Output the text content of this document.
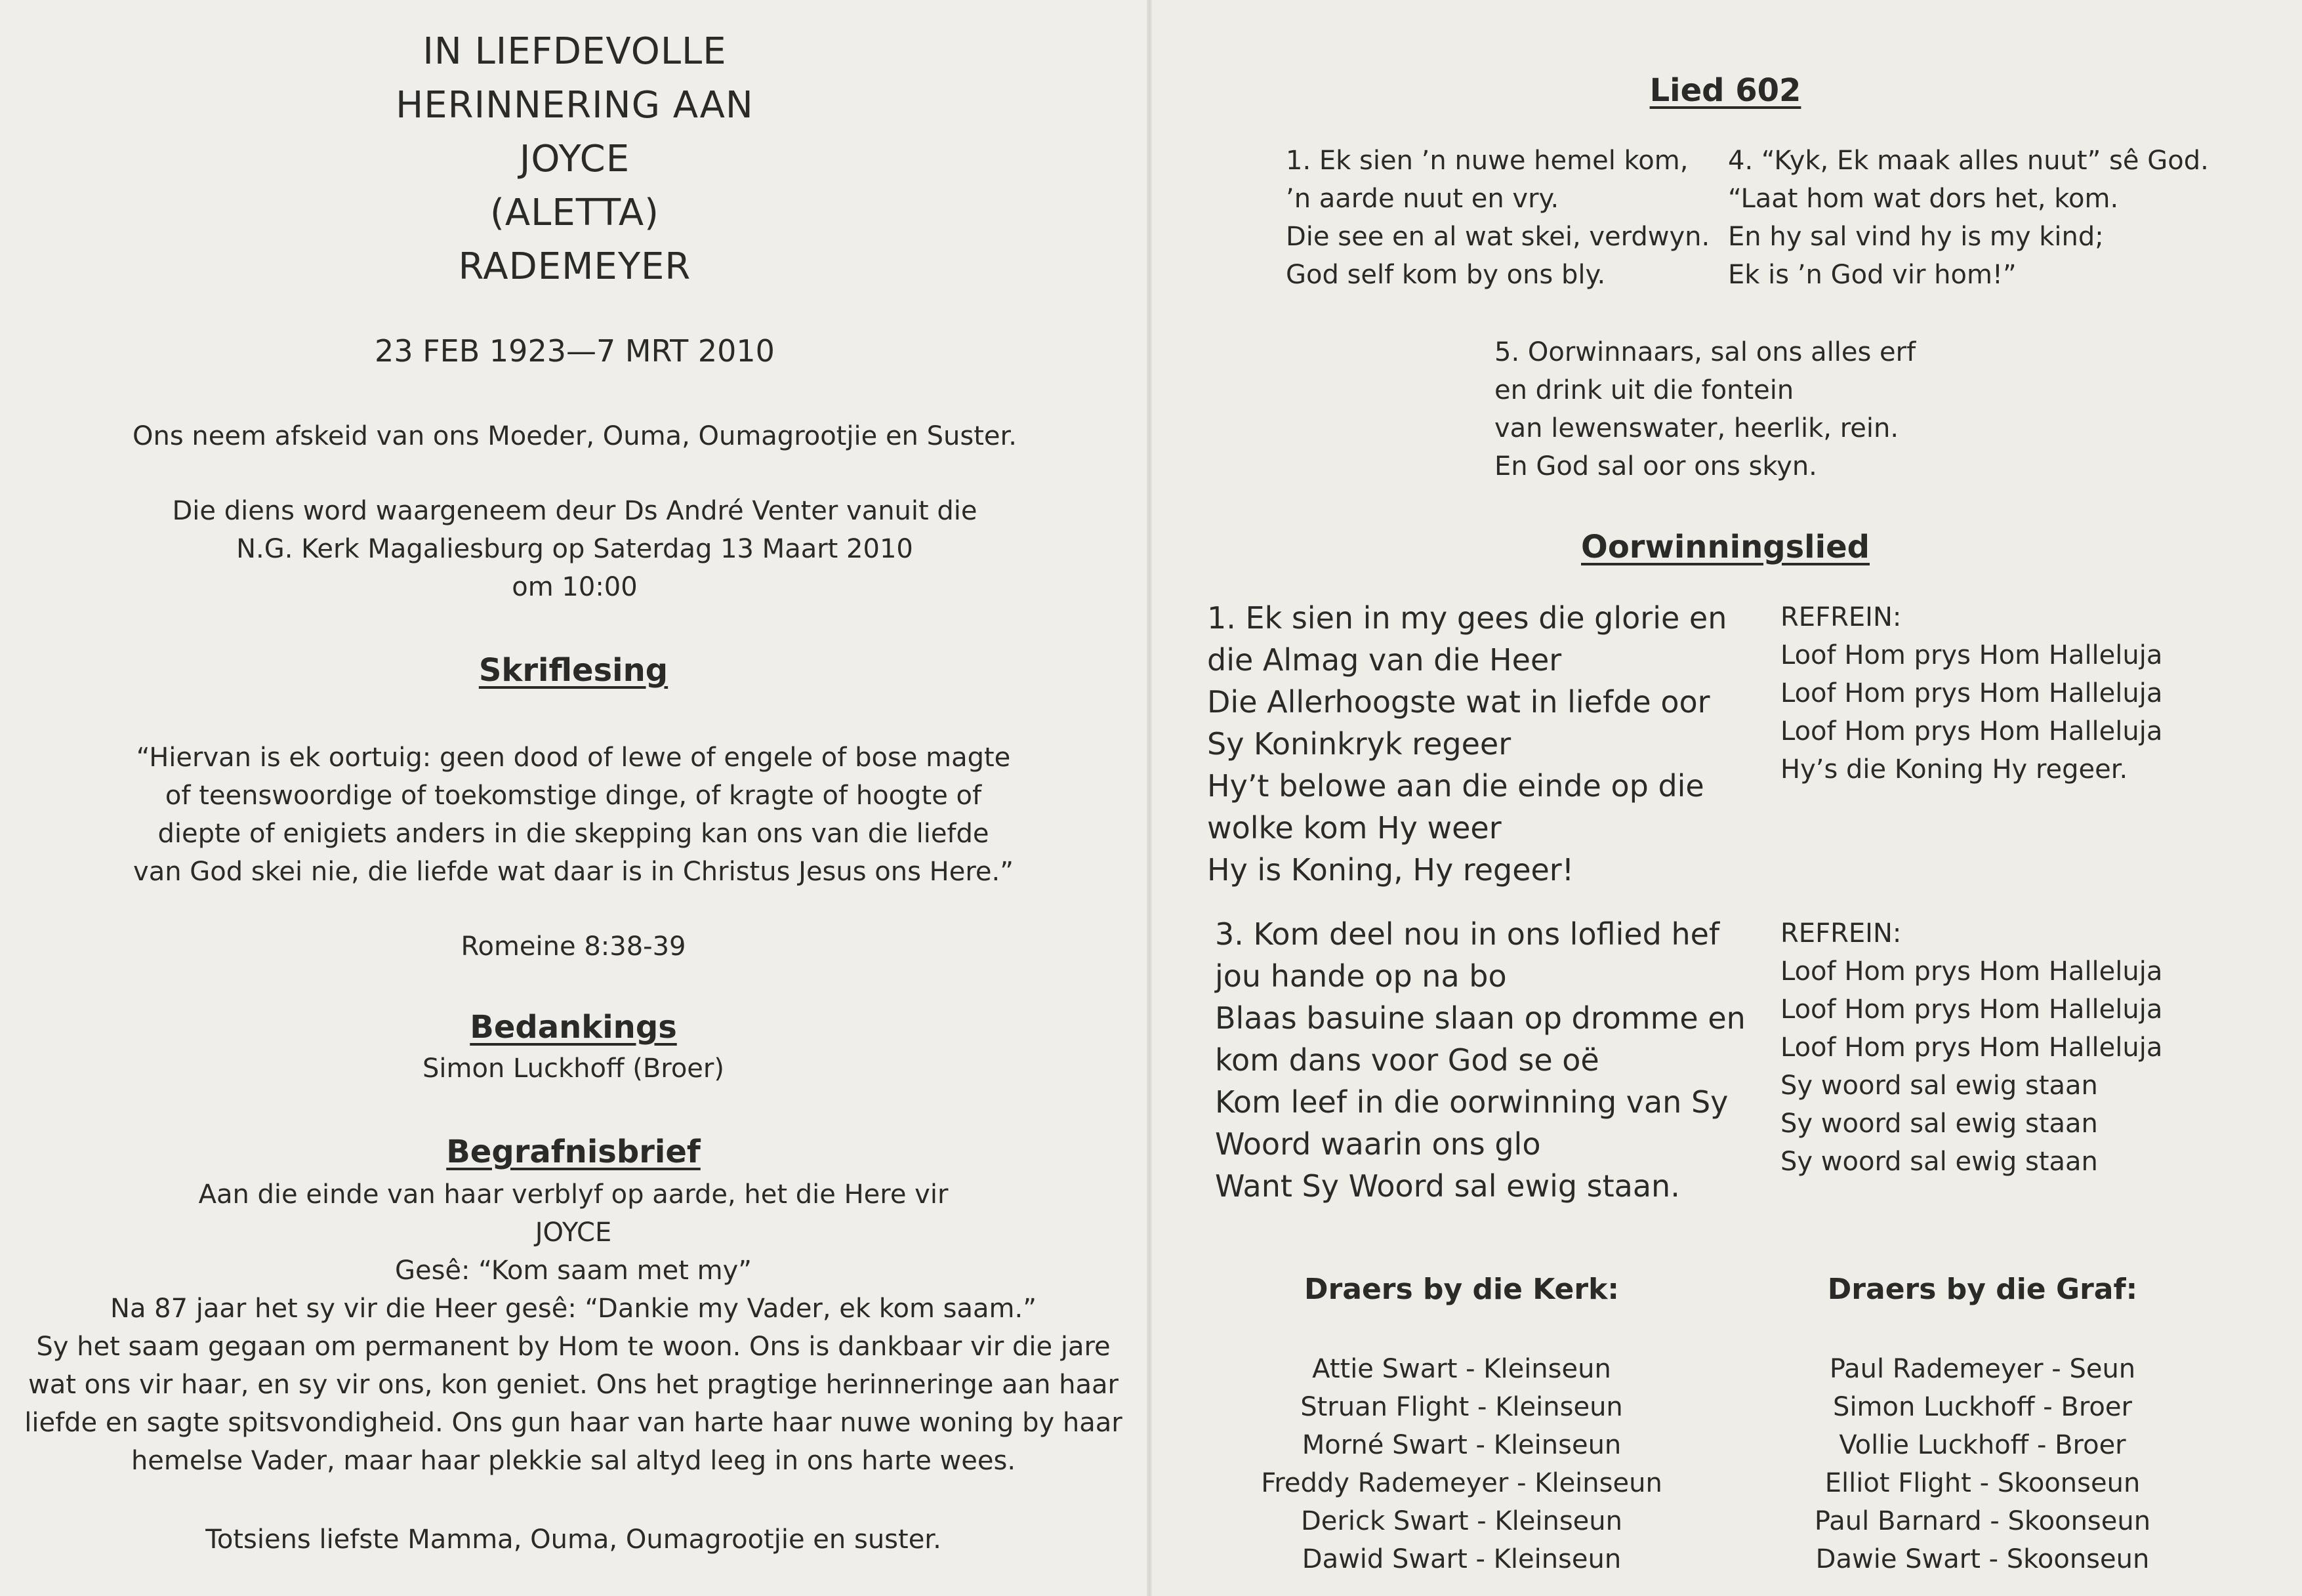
IN LIEFDEVOLLE
HERINNERING AAN
JOYCE
(ALETTA)
RADEMEYER
23 FEB 1923—7 MRT 2010
Ons neem afskeid van ons Moeder, Ouma, Oumagrootjie en Suster.
Die diens word waargeneem deur Ds André Venter vanuit die
N.G. Kerk Magaliesburg op Saterdag 13 Maart 2010
om 10:00
Skriflesing
“Hiervan is ek oortuig: geen dood of lewe of engele of bose magte
of teenswoordige of toekomstige dinge, of kragte of hoogte of
diepte of enigiets anders in die skepping kan ons van die liefde
van God skei nie, die liefde wat daar is in Christus Jesus ons Here.”
Romeine 8:38-39
Bedankings
Simon Luckhoff (Broer)
Begrafnisbrief
Aan die einde van haar verblyf op aarde, het die Here vir
JOYCE
Gesê: “Kom saam met my”
Na 87 jaar het sy vir die Heer gesê: “Dankie my Vader, ek kom saam.”
Sy het saam gegaan om permanent by Hom te woon. Ons is dankbaar vir die jare
wat ons vir haar, en sy vir ons, kon geniet. Ons het pragtige herinneringe aan haar
liefde en sagte spitsvondigheid. Ons gun haar van harte haar nuwe woning by haar
hemelse Vader, maar haar plekkie sal altyd leeg in ons harte wees.
Totsiens liefste Mamma, Ouma, Oumagrootjie en suster.
Lied 602
1. Ek sien ’n nuwe hemel kom,
’n aarde nuut en vry.
Die see en al wat skei, verdwyn.
God self kom by ons bly.
4. “Kyk, Ek maak alles nuut” sê God.
“Laat hom wat dors het, kom.
En hy sal vind hy is my kind;
Ek is ’n God vir hom!”
5. Oorwinnaars, sal ons alles erf
en drink uit die fontein
van lewenswater, heerlik, rein.
En God sal oor ons skyn.
Oorwinningslied
1. Ek sien in my gees die glorie en
die Almag van die Heer
Die Allerhoogste wat in liefde oor
Sy Koninkryk regeer
Hy’t belowe aan die einde op die
wolke kom Hy weer
Hy is Koning, Hy regeer!
REFREIN:
Loof Hom prys Hom Halleluja
Loof Hom prys Hom Halleluja
Loof Hom prys Hom Halleluja
Hy’s die Koning Hy regeer.
3. Kom deel nou in ons loflied hef
jou hande op na bo
Blaas basuine slaan op dromme en
kom dans voor God se oë
Kom leef in die oorwinning van Sy
Woord waarin ons glo
Want Sy Woord sal ewig staan.
REFREIN:
Loof Hom prys Hom Halleluja
Loof Hom prys Hom Halleluja
Loof Hom prys Hom Halleluja
Sy woord sal ewig staan
Sy woord sal ewig staan
Sy woord sal ewig staan
Draers by die Kerk:
Attie Swart - Kleinseun
Struan Flight - Kleinseun
Morné Swart - Kleinseun
Freddy Rademeyer - Kleinseun
Derick Swart - Kleinseun
Dawid Swart - Kleinseun
Draers by die Graf:
Paul Rademeyer - Seun
Simon Luckhoff - Broer
Vollie Luckhoff - Broer
Elliot Flight - Skoonseun
Paul Barnard - Skoonseun
Dawie Swart - Skoonseun
